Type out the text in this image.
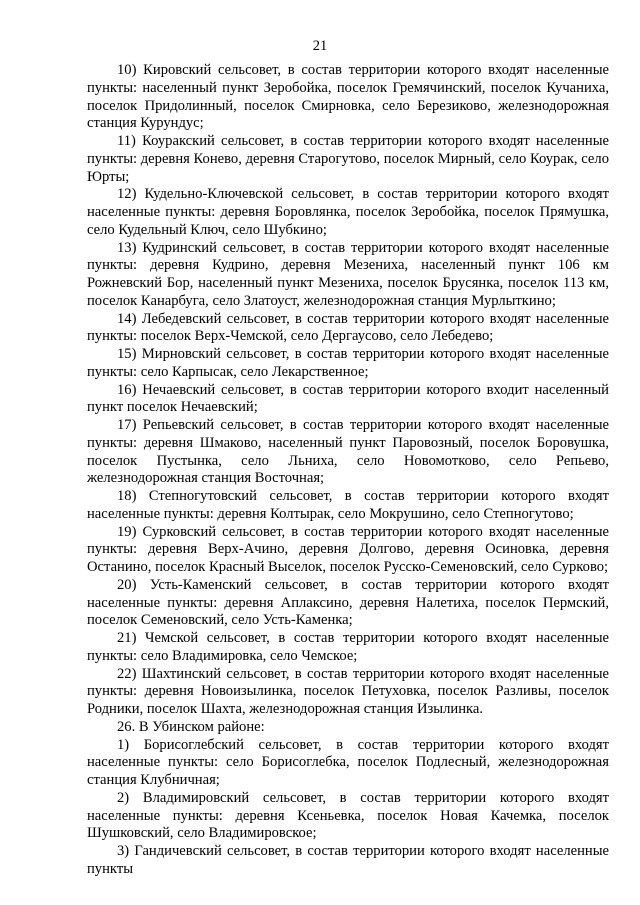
21

10) Кировский сельсовет, в состав территории которого входят населенные пункты: населенный пункт Зеробойка, поселок Гремячинский, поселок Кучаниха, поселок Придолинный, поселок Смирновка, село Березиково, железнодорожная станция Курундус;

11) Коуракский сельсовет, в состав территории которого входят населенные пункты: деревня Конево, деревня Старогутово, поселок Мирный, село Коурак, село Юрты;

12) Кудельно-Ключевской сельсовет, в состав территории которого входят населенные пункты: деревня Боровлянка, поселок Зеробойка, поселок Прямушка, село Кудельный Ключ, село Шубкино;

13) Кудринский сельсовет, в состав территории которого входят населенные пункты: деревня Кудрино, деревня Мезениха, населенный пункт 106 км Рожневский Бор, населенный пункт Мезениха, поселок Брусянка, поселок 113 км, поселок Канарбуга, село Златоуст, железнодорожная станция Мурлыткино;

14) Лебедевский сельсовет, в состав территории которого входят населенные пункты: поселок Верх-Чемской, село Дергаусово, село Лебедево;

15) Мирновский сельсовет, в состав территории которого входят населенные пункты: село Карпысак, село Лекарственное;

16) Нечаевский сельсовет, в состав территории которого входит населенный пункт поселок Нечаевский;

17) Репьевский сельсовет, в состав территории которого входят населенные пункты: деревня Шмаково, населенный пункт Паровозный, поселок Боровушка, поселок Пустынка, село Льниха, село Новомотково, село Репьево, железнодорожная станция Восточная;

18) Степногутовский сельсовет, в состав территории которого входят населенные пункты: деревня Колтырак, село Мокрушино, село Степногутово;

19) Сурковский сельсовет, в состав территории которого входят населенные пункты: деревня Верх-Ачино, деревня Долгово, деревня Осиновка, деревня Останино, поселок Красный Выселок, поселок Русско-Семеновский, село Сурково;

20) Усть-Каменский сельсовет, в состав территории которого входят населенные пункты: деревня Аплаксино, деревня Налетиха, поселок Пермский, поселок Семеновский, село Усть-Каменка;

21) Чемской сельсовет, в состав территории которого входят населенные пункты: село Владимировка, село Чемское;

22) Шахтинский сельсовет, в состав территории которого входят населенные пункты: деревня Новоизылинка, поселок Петуховка, поселок Разливы, поселок Родники, поселок Шахта, железнодорожная станция Изылинка.

26. В Убинском районе:

1) Борисоглебский сельсовет, в состав территории которого входят населенные пункты: село Борисоглебка, поселок Подлесный, железнодорожная станция Клубничная;

2) Владимировский сельсовет, в состав территории которого входят населенные пункты: деревня Ксеньевка, поселок Новая Качемка, поселок Шушковский, село Владимировское;

3) Гандичевский сельсовет, в состав территории которого входят населенные пункты
